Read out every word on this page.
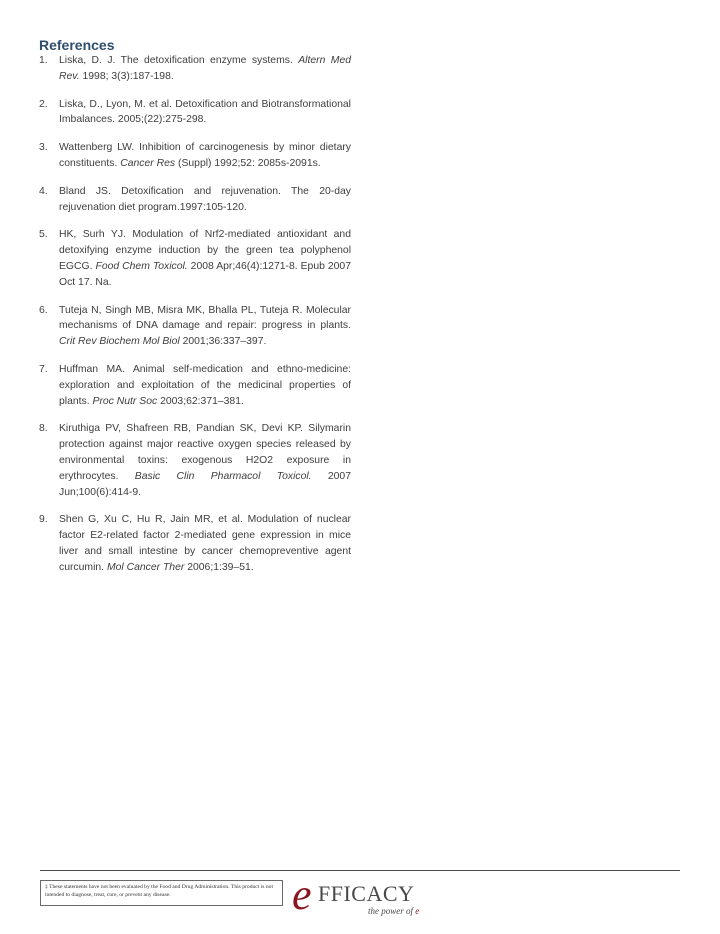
References
1. Liska, D. J. The detoxification enzyme systems. Altern Med Rev. 1998; 3(3):187-198.
2. Liska, D., Lyon, M. et al. Detoxification and Biotransformational Imbalances. 2005;(22):275-298.
3. Wattenberg LW. Inhibition of carcinogenesis by minor dietary constituents. Cancer Res (Suppl) 1992;52: 2085s-2091s.
4. Bland JS. Detoxification and rejuvenation. The 20-day rejuvenation diet program.1997:105-120.
5. HK, Surh YJ. Modulation of Nrf2-mediated antioxidant and detoxifying enzyme induction by the green tea polyphenol EGCG. Food Chem Toxicol. 2008 Apr;46(4):1271-8. Epub 2007 Oct 17. Na.
6. Tuteja N, Singh MB, Misra MK, Bhalla PL, Tuteja R. Molecular mechanisms of DNA damage and repair: progress in plants. Crit Rev Biochem Mol Biol 2001;36:337–397.
7. Huffman MA. Animal self-medication and ethno-medicine: exploration and exploitation of the medicinal properties of plants. Proc Nutr Soc 2003;62:371–381.
8. Kiruthiga PV, Shafreen RB, Pandian SK, Devi KP. Silymarin protection against major reactive oxygen species released by environmental toxins: exogenous H2O2 exposure in erythrocytes. Basic Clin Pharmacol Toxicol. 2007 Jun;100(6):414-9.
9. Shen G, Xu C, Hu R, Jain MR, et al. Modulation of nuclear factor E2-related factor 2-mediated gene expression in mice liver and small intestine by cancer chemopreventive agent curcumin. Mol Cancer Ther 2006;1:39–51.
‡ These statements have not been evaluated by the Food and Drug Administration. This product is not intended to diagnose, treat, cure, or prevent any disease.	e FFICACY
the power of e
